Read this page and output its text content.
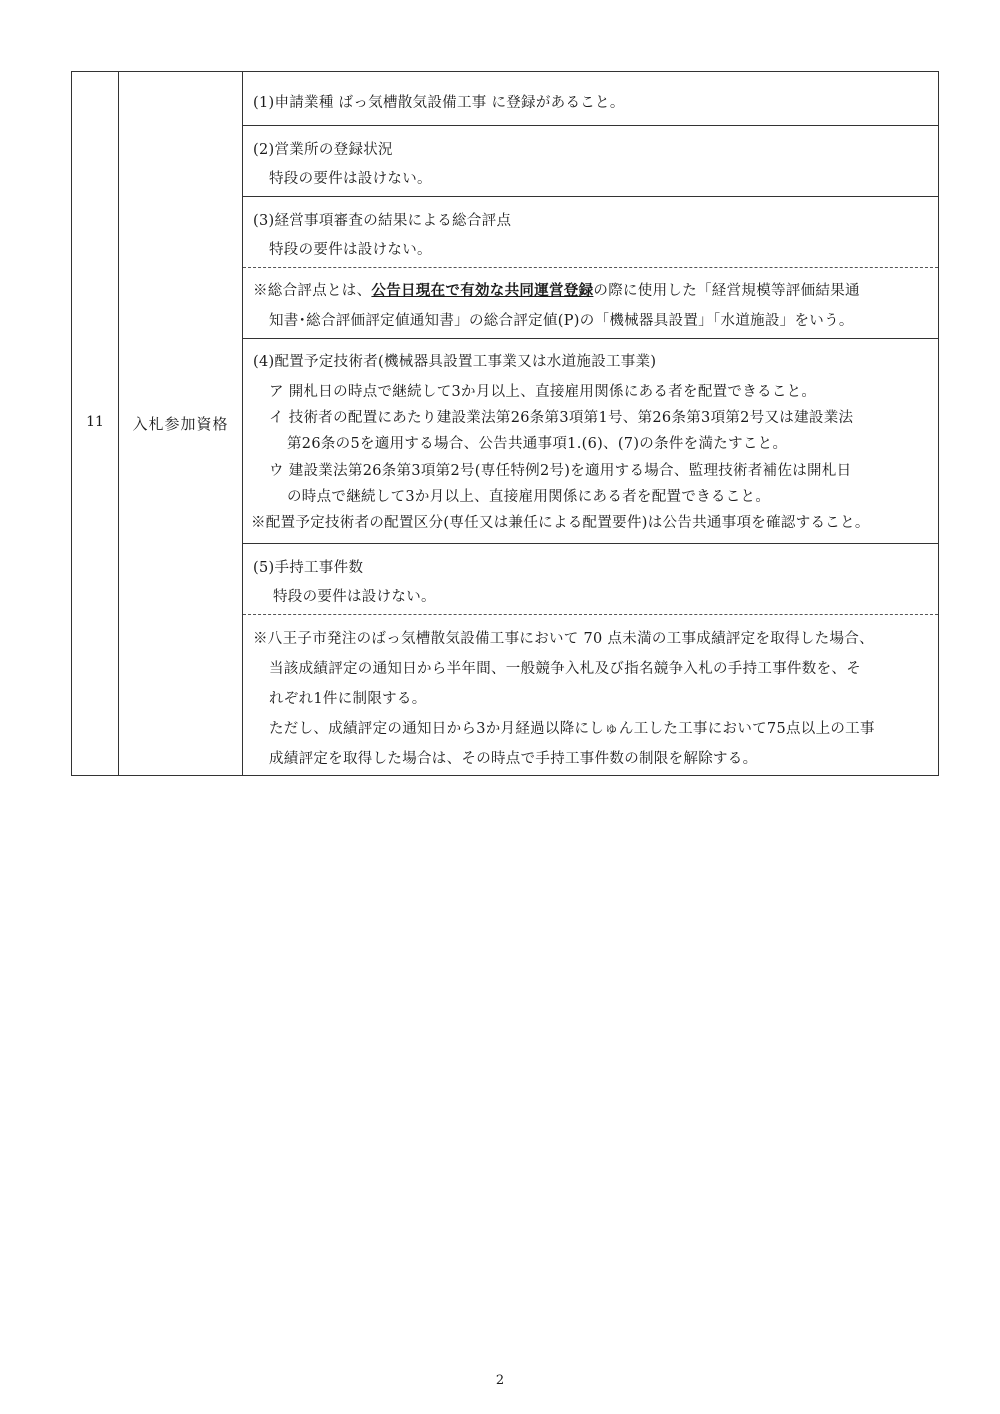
11	入札参加資格
(1)申請業種 ばっ気槽散気設備工事 に登録があること。
(2)営業所の登録状況
特段の要件は設けない。
(3)経営事項審査の結果による総合評点
特段の要件は設けない。
※総合評点とは、公告日現在で有効な共同運営登録の際に使用した「経営規模等評価結果通
知書･総合評価評定値通知書」の総合評定値(P)の「機械器具設置」「水道施設」をいう。
(4)配置予定技術者(機械器具設置工事業又は水道施設工事業)
ア 開札日の時点で継続して3か月以上、直接雇用関係にある者を配置できること。
イ 技術者の配置にあたり建設業法第26条第3項第1号、第26条第3項第2号又は建設業法
第26条の5を適用する場合、公告共通事項1.(6)、(7)の条件を満たすこと。
ウ 建設業法第26条第3項第2号(専任特例2号)を適用する場合、監理技術者補佐は開札日
の時点で継続して3か月以上、直接雇用関係にある者を配置できること。
※配置予定技術者の配置区分(専任又は兼任による配置要件)は公告共通事項を確認すること。
(5)手持工事件数
特段の要件は設けない。
※八王子市発注のばっ気槽散気設備工事において 70 点未満の工事成績評定を取得した場合、
当該成績評定の通知日から半年間、一般競争入札及び指名競争入札の手持工事件数を、そ
れぞれ1件に制限する。
ただし、成績評定の通知日から3か月経過以降にしゅん工した工事において75点以上の工事
成績評定を取得した場合は、その時点で手持工事件数の制限を解除する。
2
